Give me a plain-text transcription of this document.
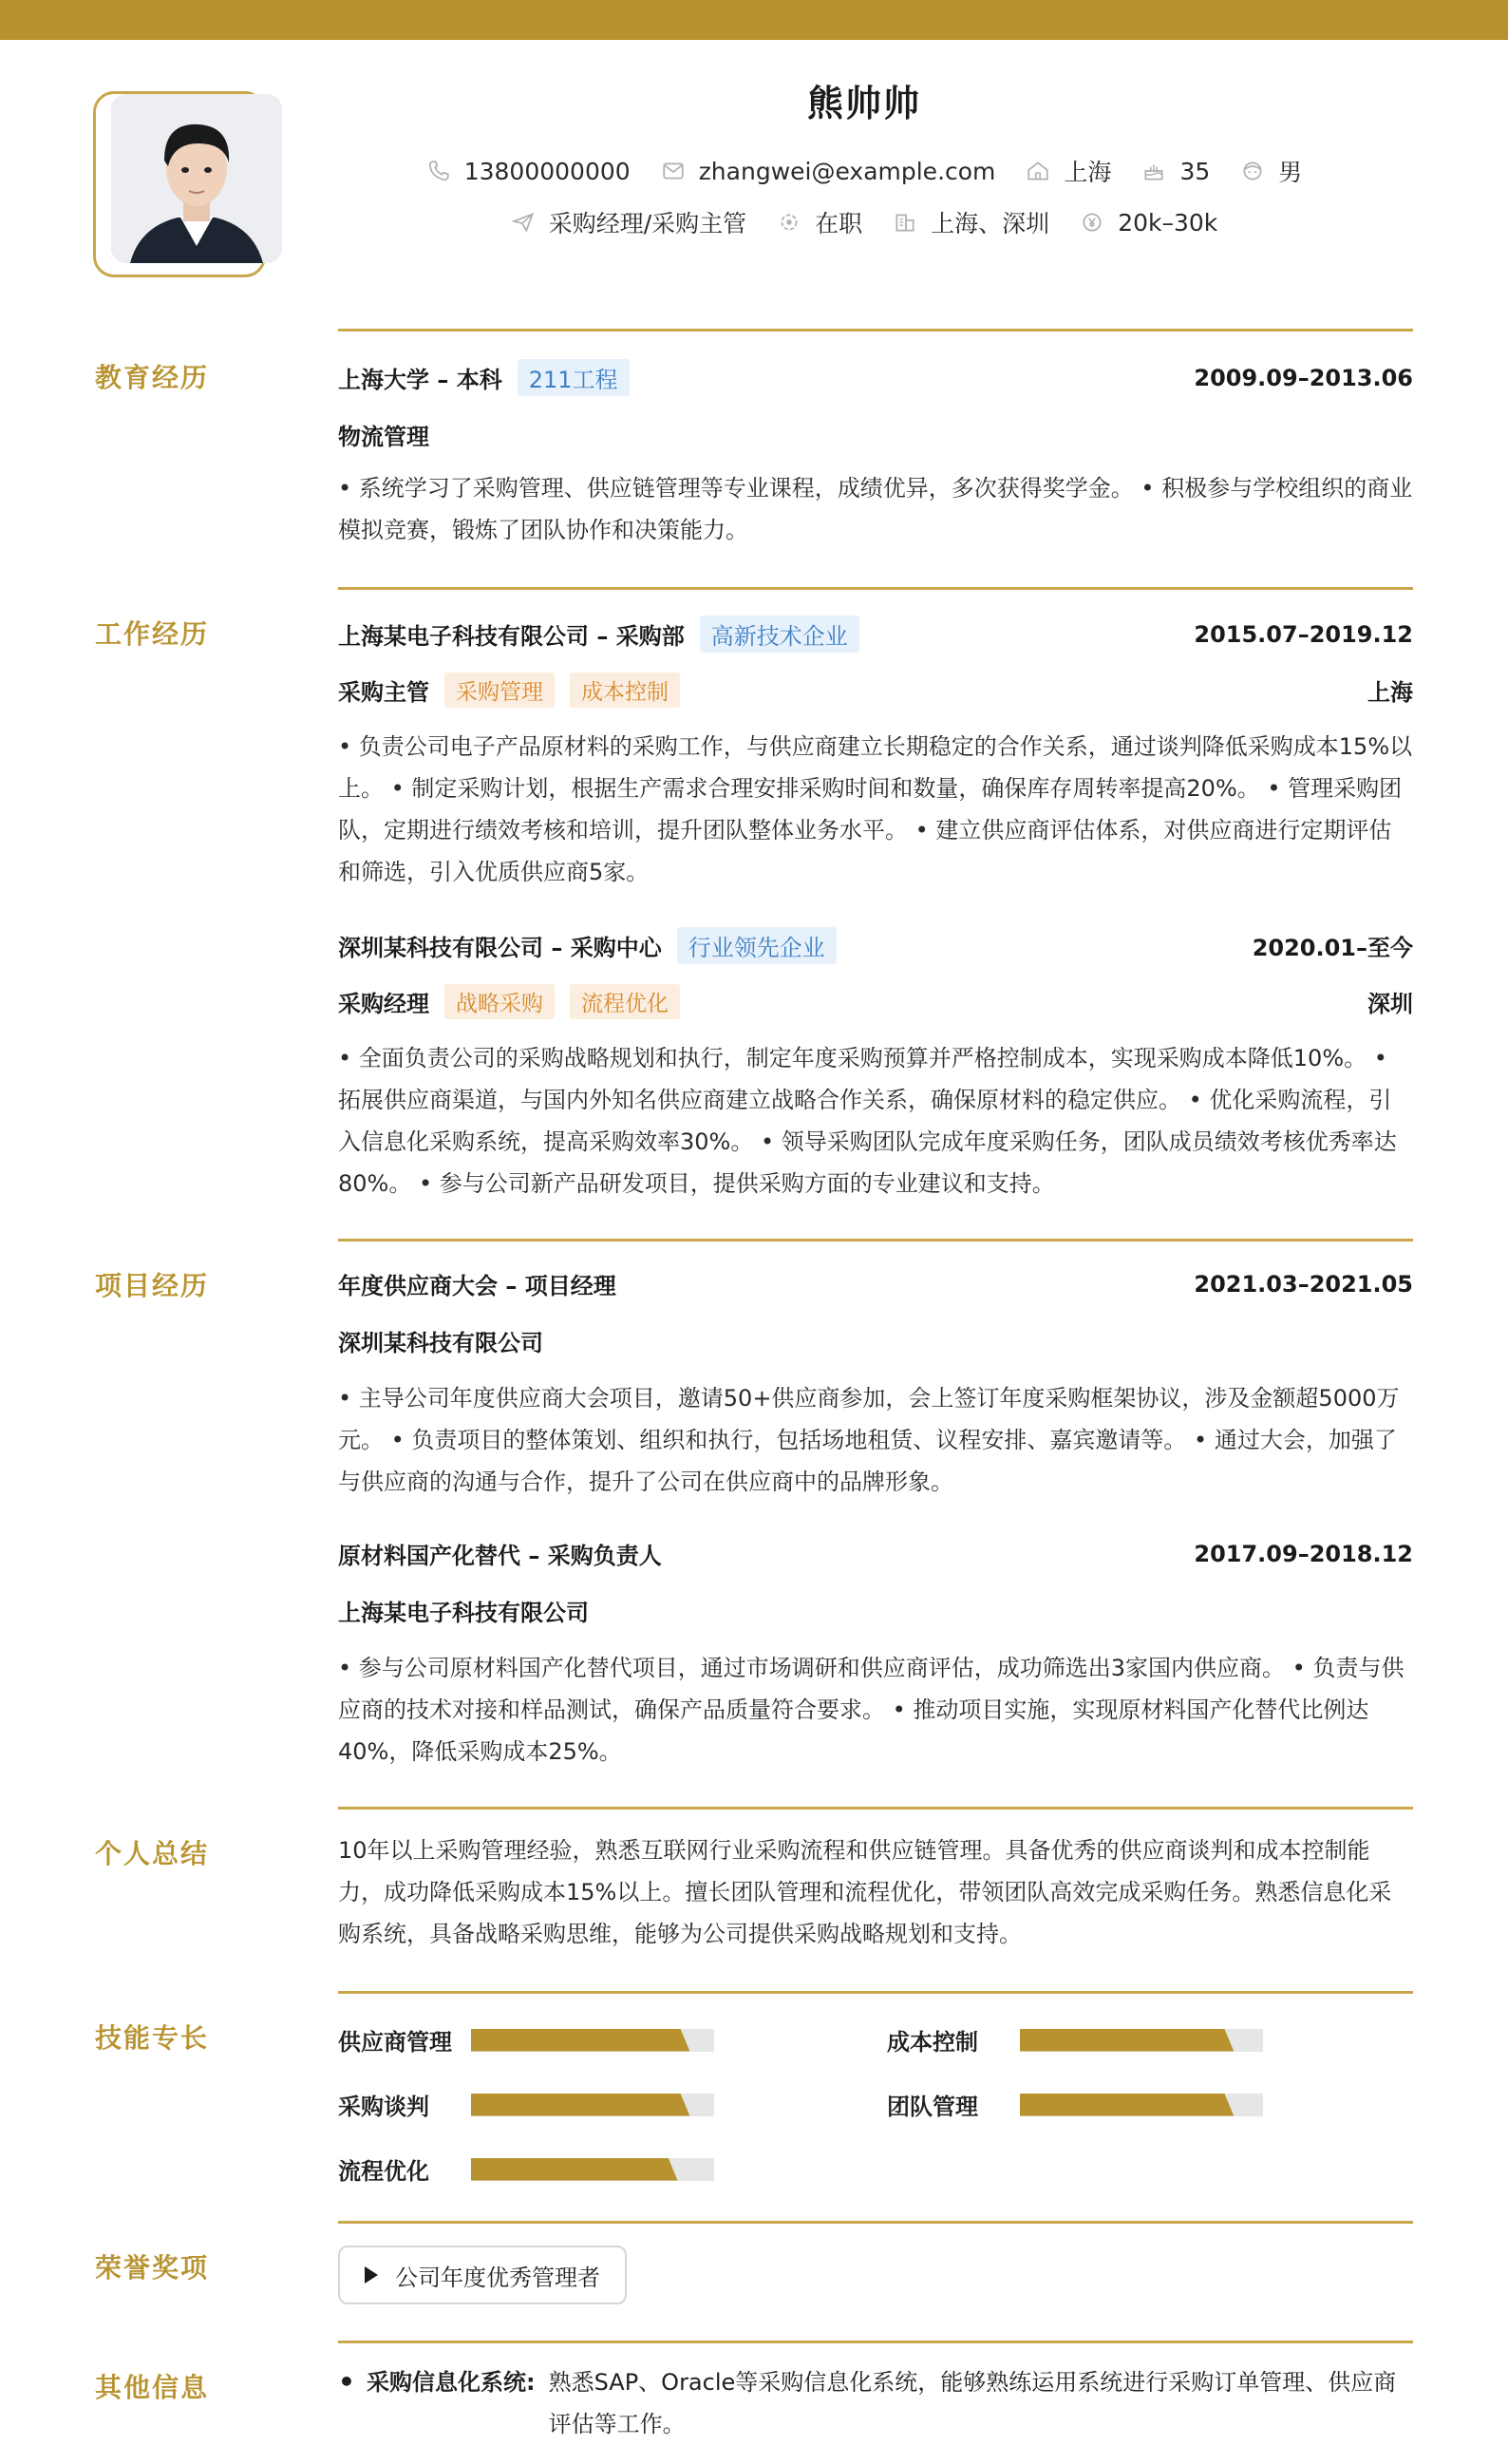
熊帅帅
13800000000	zhangwei@example.com	上海	35	男
采购经理/采购主管	在职	上海、深圳	20k–30k
教育经历	上海大学 – 本科	211工程	2009.09–2013.06
物流管理
• 系统学习了采购管理、供应链管理等专业课程，成绩优异，多次获得奖学金。 • 积极参与学校组织的商业模拟竞赛，锻炼了团队协作和决策能力。
工作经历	上海某电子科技有限公司 – 采购部	高新技术企业	2015.07–2019.12
采购主管	采购管理	成本控制	上海
• 负责公司电子产品原材料的采购工作，与供应商建立长期稳定的合作关系，通过谈判降低采购成本15%以上。 • 制定采购计划，根据生产需求合理安排采购时间和数量，确保库存周转率提高20%。 • 管理采购团队，定期进行绩效考核和培训，提升团队整体业务水平。 • 建立供应商评估体系，对供应商进行定期评估和筛选，引入优质供应商5家。
深圳某科技有限公司 – 采购中心	行业领先企业	2020.01–至今
采购经理	战略采购	流程优化	深圳
• 全面负责公司的采购战略规划和执行，制定年度采购预算并严格控制成本，实现采购成本降低10%。 • 拓展供应商渠道，与国内外知名供应商建立战略合作关系，确保原材料的稳定供应。 • 优化采购流程，引入信息化采购系统，提高采购效率30%。 • 领导采购团队完成年度采购任务，团队成员绩效考核优秀率达80%。 • 参与公司新产品研发项目，提供采购方面的专业建议和支持。
项目经历	年度供应商大会 – 项目经理	2021.03–2021.05
深圳某科技有限公司
• 主导公司年度供应商大会项目，邀请50+供应商参加，会上签订年度采购框架协议，涉及金额超5000万元。 • 负责项目的整体策划、组织和执行，包括场地租赁、议程安排、嘉宾邀请等。 • 通过大会，加强了与供应商的沟通与合作，提升了公司在供应商中的品牌形象。
原材料国产化替代 – 采购负责人	2017.09–2018.12
上海某电子科技有限公司
• 参与公司原材料国产化替代项目，通过市场调研和供应商评估，成功筛选出3家国内供应商。 • 负责与供应商的技术对接和样品测试，确保产品质量符合要求。 • 推动项目实施，实现原材料国产化替代比例达40%，降低采购成本25%。
个人总结	10年以上采购管理经验，熟悉互联网行业采购流程和供应链管理。具备优秀的供应商谈判和成本控制能力，成功降低采购成本15%以上。擅长团队管理和流程优化，带领团队高效完成采购任务。熟悉信息化采购系统，具备战略采购思维，能够为公司提供采购战略规划和支持。
技能专长	供应商管理	成本控制
采购谈判	团队管理
流程优化
荣誉奖项	公司年度优秀管理者
其他信息	• 采购信息化系统: 熟悉SAP、Oracle等采购信息化系统，能够熟练运用系统进行采购订单管理、供应商评估等工作。
